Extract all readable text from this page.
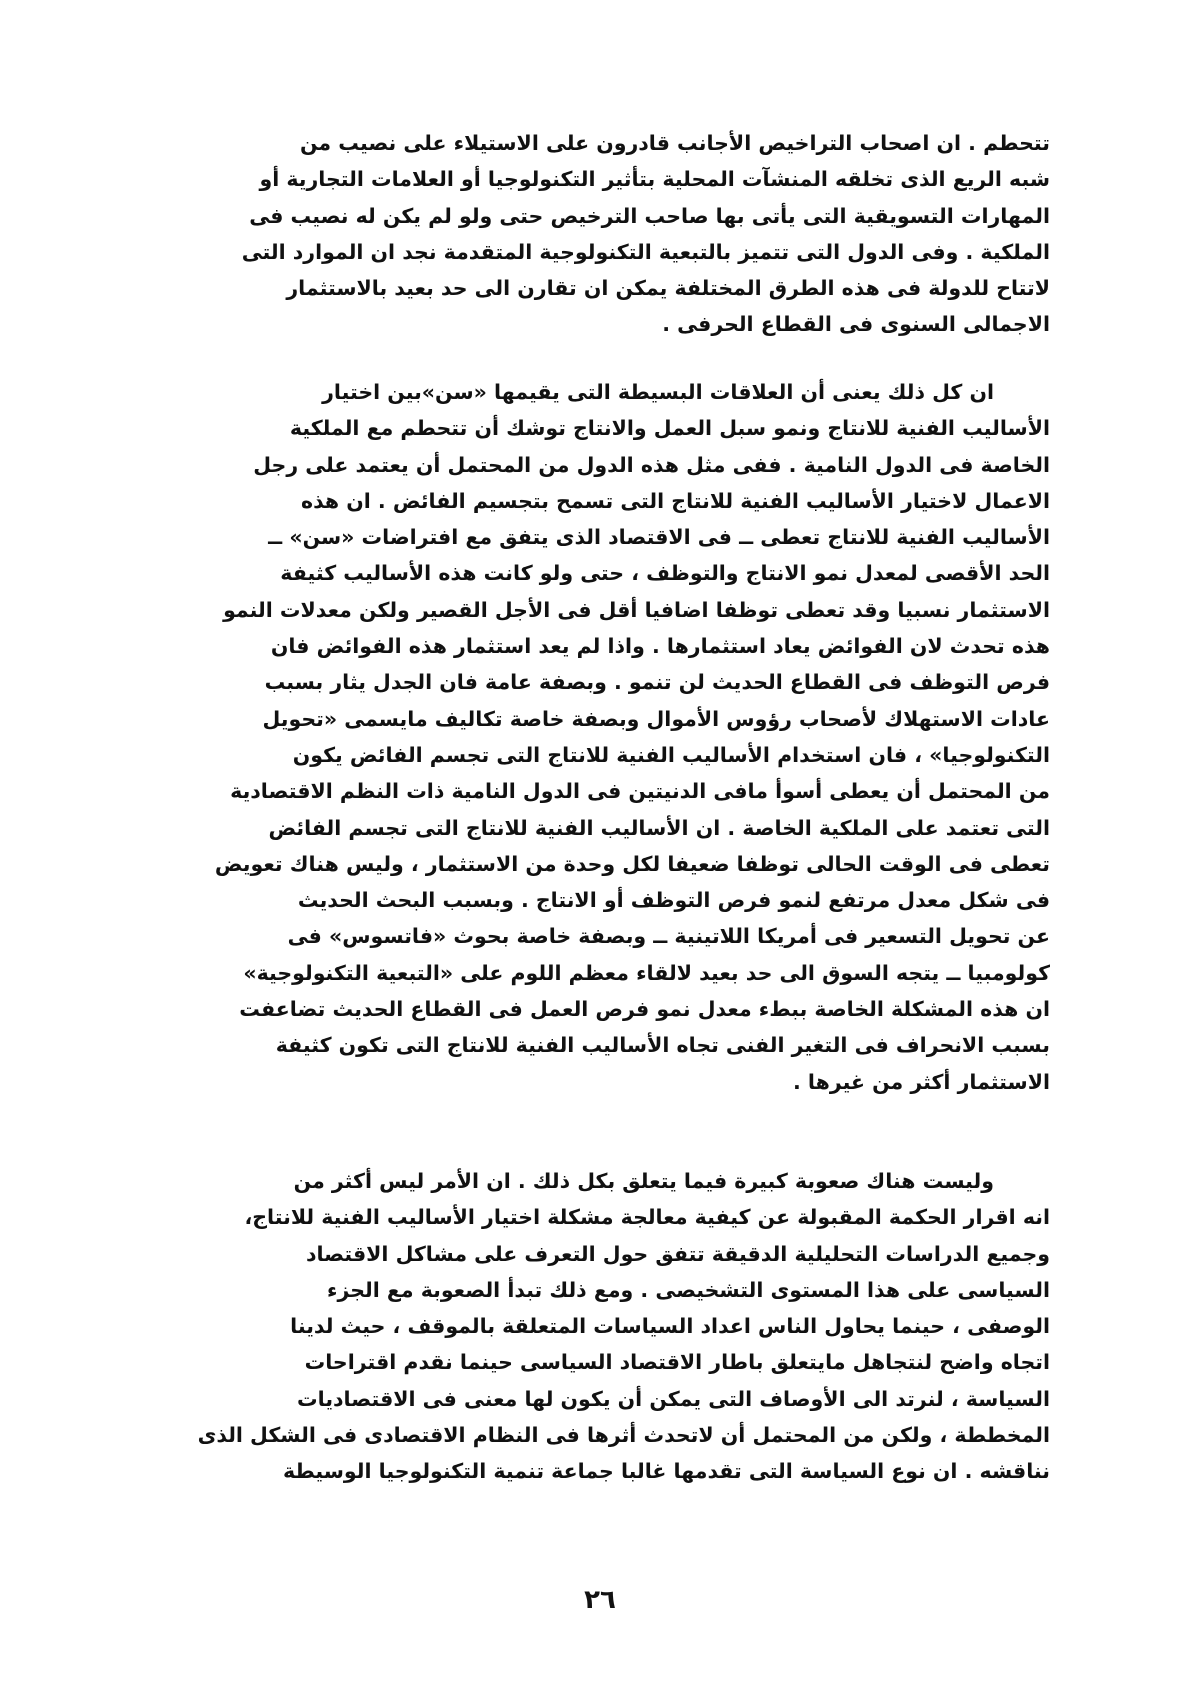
تتحطم . ان اصحاب التراخيص الأجانب قادرون على الاستيلاء على نصيب من
شبه الريع الذى تخلقه المنشآت المحلية بتأثير التكنولوجيا أو العلامات التجارية أو
المهارات التسويقية التى يأتى بها صاحب الترخيص حتى ولو لم يكن له نصيب فى
الملكية . وفى الدول التى تتميز بالتبعية التكنولوجية المتقدمة نجد ان الموارد التى
لاتتاح للدولة فى هذه الطرق المختلفة يمكن ان تقارن الى حد بعيد بالاستثمار
الاجمالى السنوى فى القطاع الحرفى .
ان كل ذلك يعنى أن العلاقات البسيطة التى يقيمها «سن»بين اختيار
الأساليب الفنية للانتاج ونمو سبل العمل والانتاج توشك أن تتحطم مع الملكية
الخاصة فى الدول النامية . ففى مثل هذه الدول من المحتمل أن يعتمد على رجل
الاعمال لاختيار الأساليب الفنية للانتاج التى تسمح بتجسيم الفائض . ان هذه
الأساليب الفنية للانتاج تعطى ــ فى الاقتصاد الذى يتفق مع افتراضات «سن» ــ
الحد الأقصى لمعدل نمو الانتاج والتوظف ، حتى ولو كانت هذه الأساليب كثيفة
الاستثمار نسبيا وقد تعطى توظفا اضافيا أقل فى الأجل القصير ولكن معدلات النمو
هذه تحدث لان الفوائض يعاد استثمارها . واذا لم يعد استثمار هذه الفوائض فان
فرص التوظف فى القطاع الحديث لن تنمو . وبصفة عامة فان الجدل يثار بسبب
عادات الاستهلاك لأصحاب رؤوس الأموال وبصفة خاصة تكاليف مايسمى «تحويل
التكنولوجيا» ، فان استخدام الأساليب الفنية للانتاج التى تجسم الفائض يكون
من المحتمل أن يعطى أسوأ مافى الدنيتين فى الدول النامية ذات النظم الاقتصادية
التى تعتمد على الملكية الخاصة . ان الأساليب الفنية للانتاج التى تجسم الفائض
تعطى فى الوقت الحالى توظفا ضعيفا لكل وحدة من الاستثمار ، وليس هناك تعويض
فى شكل معدل مرتفع لنمو فرص التوظف أو الانتاج . وبسبب البحث الحديث
عن تحويل التسعير فى أمريكا اللاتينية ــ وبصفة خاصة بحوث «فاتسوس» فى
كولومبيا ــ يتجه السوق الى حد بعيد لالقاء معظم اللوم على «التبعية التكنولوجية»
ان هذه المشكلة الخاصة ببطء معدل نمو فرص العمل فى القطاع الحديث تضاعفت
بسبب الانحراف فى التغير الفنى تجاه الأساليب الفنية للانتاج التى تكون كثيفة
الاستثمار أكثر من غيرها .
وليست هناك صعوبة كبيرة فيما يتعلق بكل ذلك . ان الأمر ليس أكثر من
انه اقرار الحكمة المقبولة عن كيفية معالجة مشكلة اختيار الأساليب الفنية للانتاج،
وجميع الدراسات التحليلية الدقيقة تتفق حول التعرف على مشاكل الاقتصاد
السياسى على هذا المستوى التشخيصى . ومع ذلك تبدأ الصعوبة مع الجزء
الوصفى ، حينما يحاول الناس اعداد السياسات المتعلقة بالموقف ، حيث لدينا
اتجاه واضح لنتجاهل مايتعلق باطار الاقتصاد السياسى حينما نقدم اقتراحات
السياسة ، لنرتد الى الأوصاف التى يمكن أن يكون لها معنى فى الاقتصاديات
المخططة ، ولكن من المحتمل أن لاتحدث أثرها فى النظام الاقتصادى فى الشكل الذى
نناقشه . ان نوع السياسة التى تقدمها غالبا جماعة تنمية التكنولوجيا الوسيطة
٢٦
